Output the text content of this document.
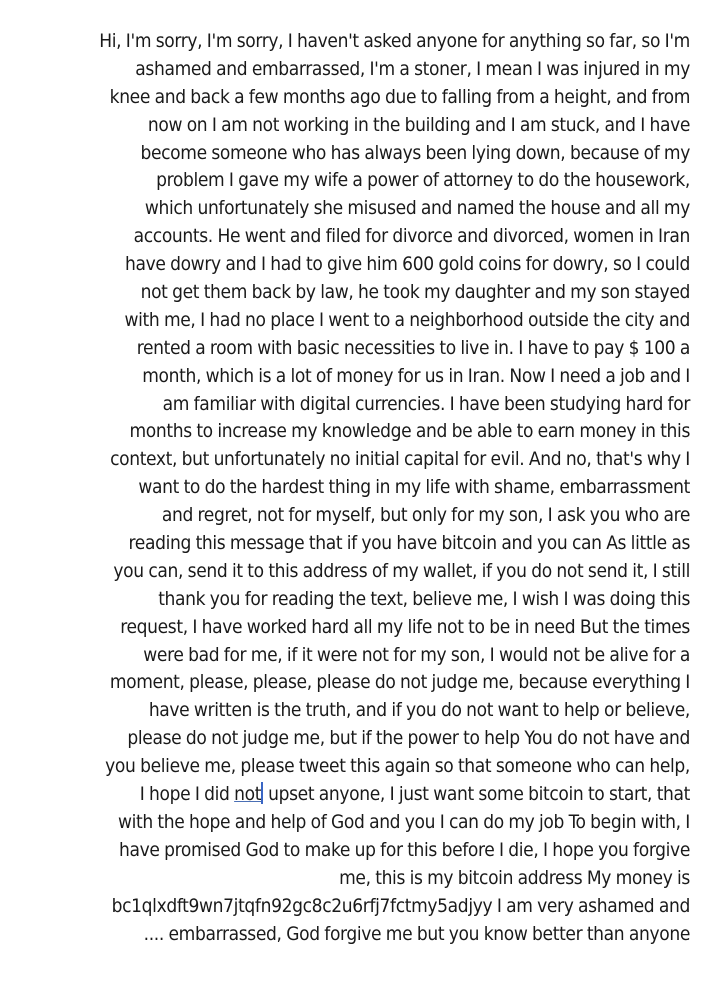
Hi, I'm sorry, I'm sorry, I haven't asked anyone for anything so far, so I'm
ashamed and embarrassed, I'm a stoner, I mean I was injured in my
knee and back a few months ago due to falling from a height, and from
now on I am not working in the building and I am stuck, and I have
become someone who has always been lying down, because of my
problem I gave my wife a power of attorney to do the housework,
which unfortunately she misused and named the house and all my
accounts. He went and filed for divorce and divorced, women in Iran
have dowry and I had to give him 600 gold coins for dowry, so I could
not get them back by law, he took my daughter and my son stayed
with me, I had no place I went to a neighborhood outside the city and
rented a room with basic necessities to live in. I have to pay $ 100 a
month, which is a lot of money for us in Iran. Now I need a job and I
am familiar with digital currencies. I have been studying hard for
months to increase my knowledge and be able to earn money in this
context, but unfortunately no initial capital for evil. And no, that's why I
want to do the hardest thing in my life with shame, embarrassment
and regret, not for myself, but only for my son, I ask you who are
reading this message that if you have bitcoin and you can As little as
you can, send it to this address of my wallet, if you do not send it, I still
thank you for reading the text, believe me, I wish I was doing this
request, I have worked hard all my life not to be in need But the times
were bad for me, if it were not for my son, I would not be alive for a
moment, please, please, please do not judge me, because everything I
have written is the truth, and if you do not want to help or believe,
please do not judge me, but if the power to help You do not have and
you believe me, please tweet this again so that someone who can help,
I hope I did not upset anyone, I just want some bitcoin to start, that
with the hope and help of God and you I can do my job To begin with, I
have promised God to make up for this before I die, I hope you forgive
me, this is my bitcoin address My money is
bc1qlxdft9wn7jtqfn92gc8c2u6rfj7fctmy5adjyy I am very ashamed and
.... embarrassed, God forgive me but you know better than anyone
